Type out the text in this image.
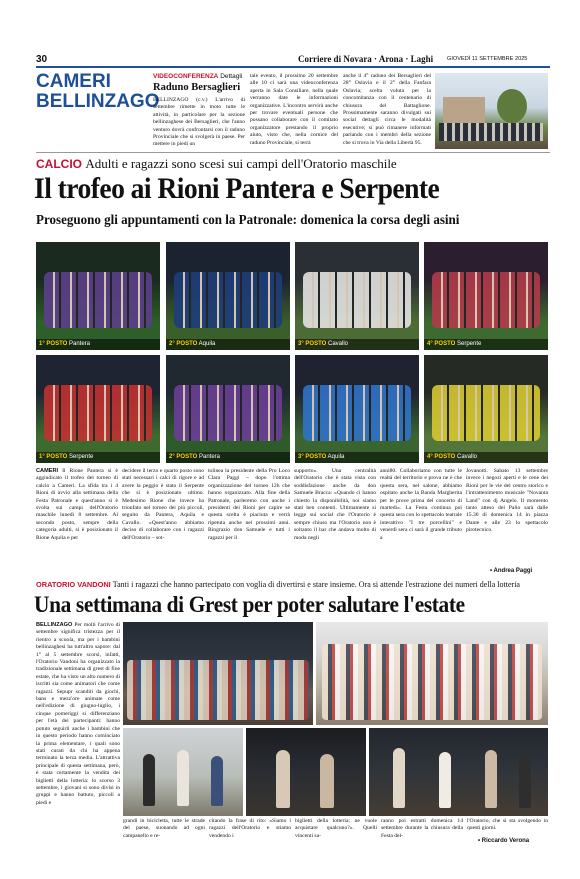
30	Corriere di Novara · Arona · Laghi GIOVEDÌ 11 SETTEMBRE 2025
CAMERI
BELLINZAGO
VIDEOCONFERENZA Dettagli
Raduno Bersaglieri
BELLINZAGO (c.v.) L'arrivo di settembre rimette in moto tutte le attività, in particolare per la sezione bellinzaghese dei Bersaglieri, che l'anno venturo dovrà confrontarsi con il raduno Provinciale che si svolgerà in paese. Per mettere in piedi un
tale evento, il prossimo 20 settembre alle 10 ci sarà una videoconferenza aperta in Sala Consiliare, nella quale verranno date le informazioni organizzative. L'incontro servirà anche per trovare eventuali persone che possano collaborare con il comitato organizzatore prestando il proprio aiuto, visto che, nella cornice del raduno Provinciale, si terrà
anche il 4° raduno dei Bersaglieri del 28° Oslavia e il 2° della Fanfara Oslavia; scelta voluta per la concomitanza con il centenario di chiusura del Battaglione. Prossimamente saranno divulgati sui social dettagli circa le modalità esecutive; si può rimanere informati parlando con i membri della sezione che si trova in Via della Libertà 95.
CALCIO Adulti e ragazzi sono scesi sui campi dell'Oratorio maschile
Il trofeo ai Rioni Pantera e Serpente
Proseguono gli appuntamenti con la Patronale: domenica la corsa degli asini
1° POSTO Pantera	2° POSTO Aquila	3° POSTO Cavallo	4° POSTO Serpente
1° POSTO Serpente	2° POSTO Pantera	3° POSTO Aquila	4° POSTO Cavallo
CAMERI Il Rione Pantera si è aggiudicato il trofeo del torneo di calcio a Cameri. La sfida tra i 4 Rioni di avvio alla settimana della Festa Patronale e quest'anno si è svolta sui campi dell'Oratorio maschile lunedì 8 settembre. Al secondo posto, sempre della categoria adulti, si è posizionato il Rione Aquila e per
decidere il terzo e quarto posto sono stati necessari i calci di rigore e ad avere la peggio è stato il Serpente che si è posizionato ultimo. Medesimo Rione che invece ha trionfato nel torneo dei più piccoli, seguito da Pantera, Aquila e Cavallo. «Quest'anno abbiamo deciso di collaborare con i ragazzi dell'Oratorio – sot-
tolinea la presidente della Pro Loco Clara Paggi – dopo l'ottima organizzazione del torneo 12h che hanno organizzato. Alla fine della Patronale, parleremo con anche i presidenti dei Rioni per capire se questa scelta è piaciuta e verrà ripetuta anche nei prossimi anni. Ringrazio don Samuele e tutti i ragazzi per il
supporto». Una centralità dell'Oratorio che è stata vista con soddisfazione anche da don Samuele Bracca: «Quando ci hanno chiesto la disponibilità, noi siamo stati ben contenti. Ultimamente si legge sui social che l'Oratorio è sempre chiuso ma l'Oratorio non è soltanto il bar che andava molto di moda negli
anni80. Collaboriamo con tutte le realtà del territorio e prova ne è che questa sera, nel salone, abbiamo ospitato anche la Banda Margherita per le prove prima del concerto di martedì». La Festa continua poi questa sera con lo spettacolo teatrale interattivo "I tre porcellini" e venerdì sera ci sarà il grande tributo a
Jovanotti. Sabato 13 settembre invece i negozi aperti e le cene dei Rioni per le vie del centro storico e l'intrattenimento musicale "Novanta Land" con dj Angelo. Il momento tanto atteso del Palio sarà dalle 15.30 di domenica 14 in piazza Dante e alle 23 lo spettacolo pirotecnico.
• Andrea Paggi
ORATORIO VANDONI Tanti i ragazzi che hanno partecipato con voglia di divertirsi e stare insieme. Ora si attende l'estrazione dei numeri della lotteria
Una settimana di Grest per poter salutare l'estate
BELLINZAGO Per molti l'arrivo di settembre significa tristezza per il rientro a scuola, ma per i bambini bellinzaghesi ha tutt'altro sapore: dal 1° al 5 settembre scorsi, infatti, l'Oratorio Vandoni ha organizzato la tradizionale settimana di grest di fine estate, che ha visto un alto numero di iscritti sia come animatori che come ragazzi. Sepupr scanditi da giochi, bans e mezz'ore animate come nell'edizione di giugno-luglio, i cinque pomeriggi si differenziano per l'età dei partecipanti: hanno potuto seguirli anche i bambini che in questo periodo hanno cominciato la prima elementare, i quali sono stati curati da chi ha appena terminato la terza media. L'attrattiva principale di questa settimana, però, è stata certamente la vendita dei biglietti della lotteria: lo scorso 3 settembre, i giovani si sono divisi in gruppi e hanno battuto, piccoli a piedi e
grandi in bicicletta, tutte le strade del paese, suonando ad ogni campanello e re-
citando la frase di rito: «Siamo i ragazzi dell'Oratorio e stiamo vendendo i
biglietti della lotteria; ne vuole acquistare qualcuno?». Quelli vincenti sa-
ranno poi estratti domenica 14 settembre durante la chiusura della Festa del-
l'Oratorio, che si sta svolgendo in questi giorni.
• Riccardo Verona
